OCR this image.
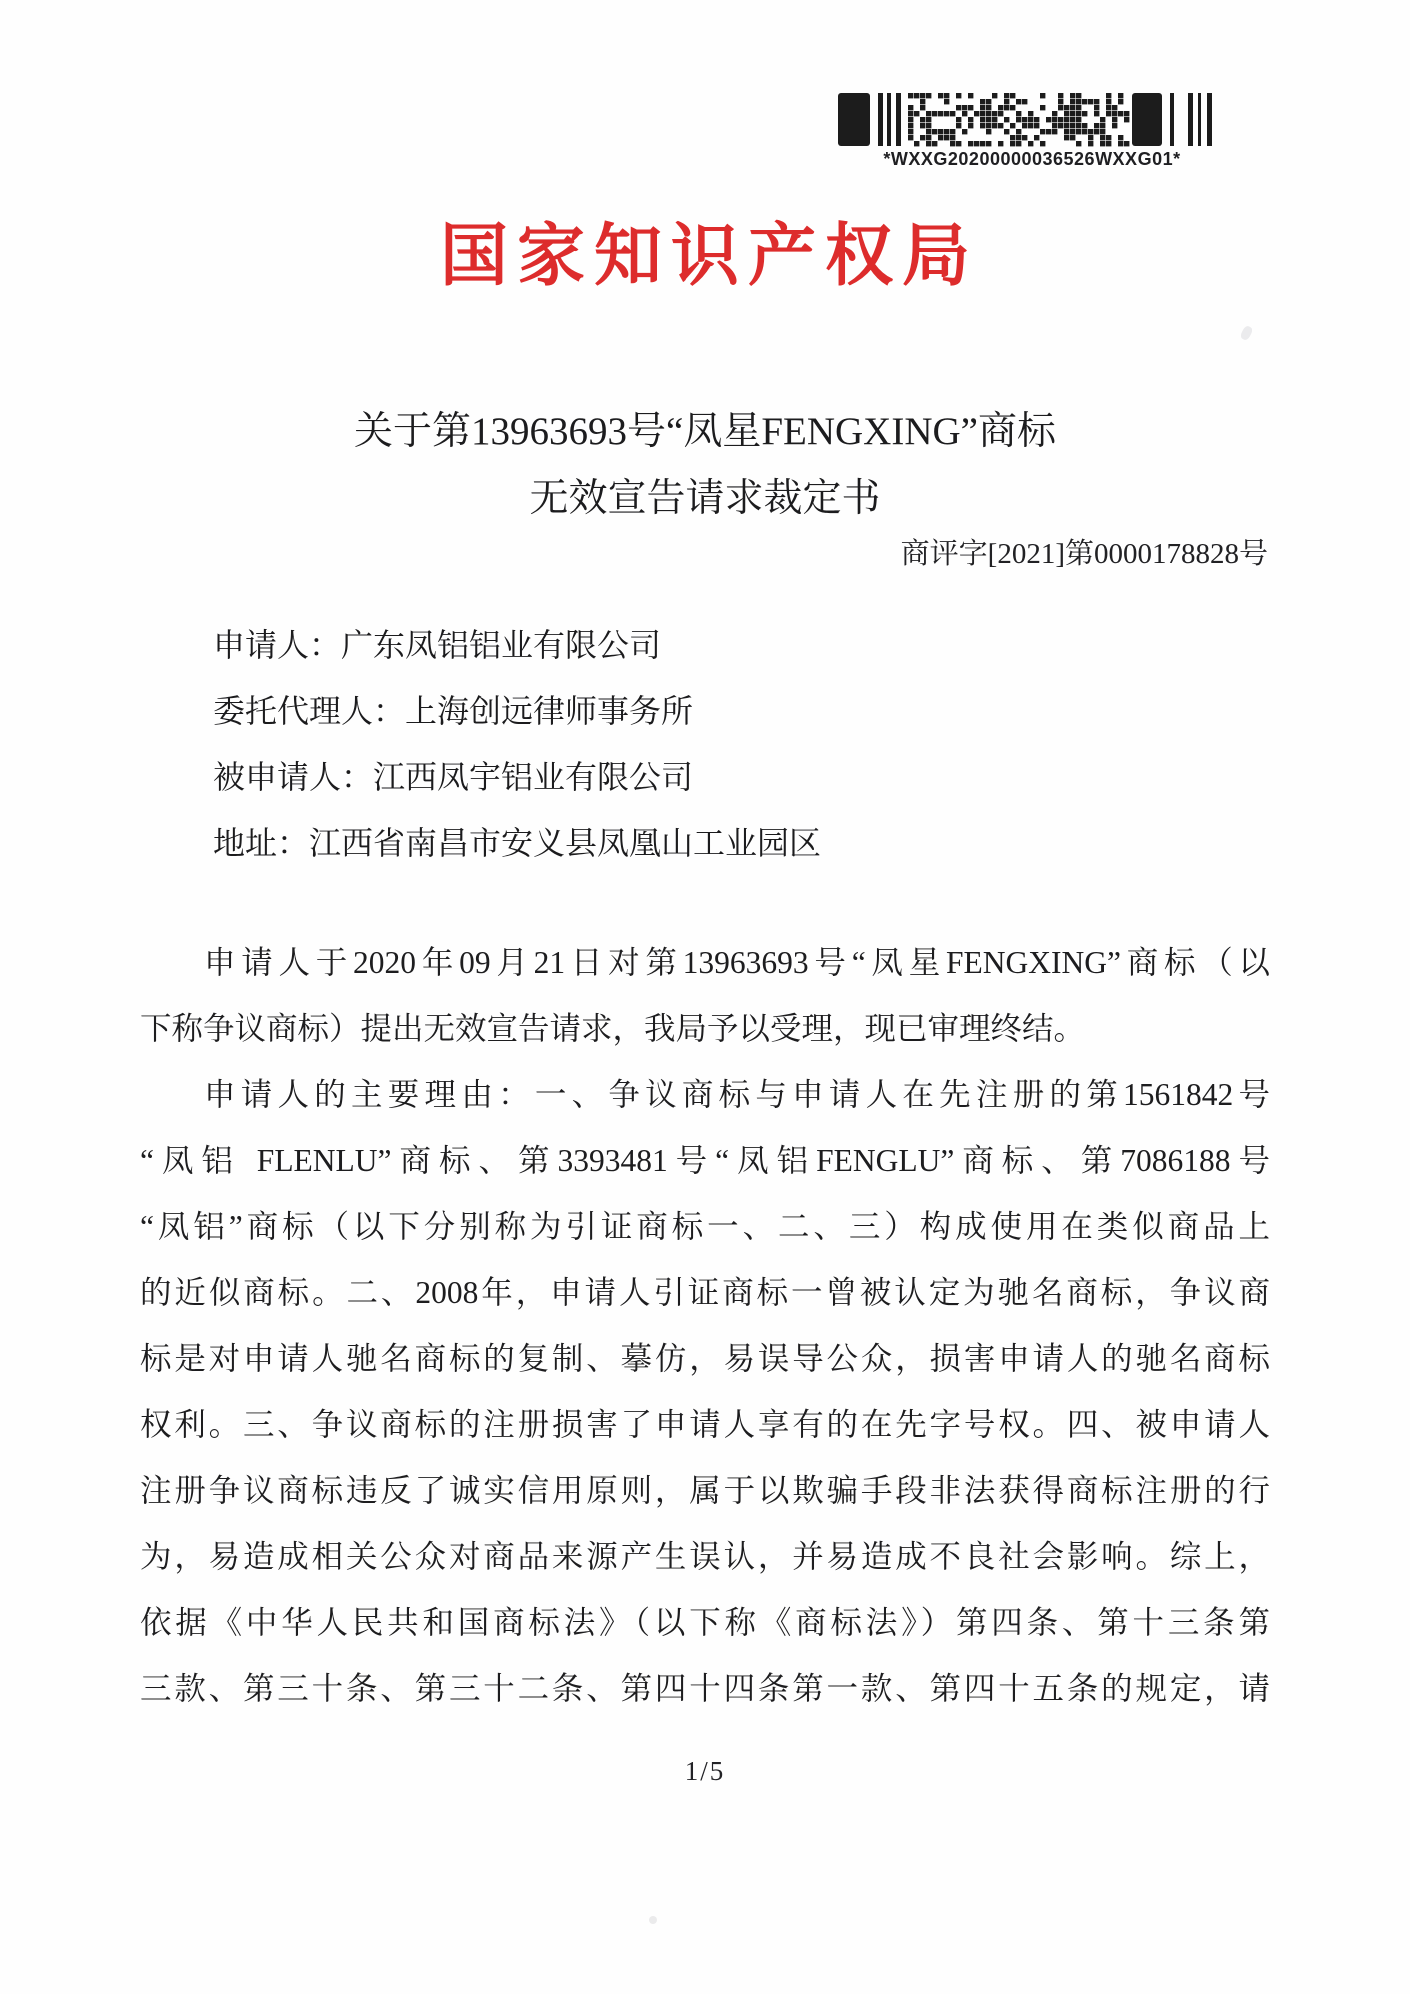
*WXXG20200000036526WXXG01*
国家知识产权局
关于第13963693号“凤星FENGXING”商标
无效宣告请求裁定书
商评字[2021]第0000178828号
申请人：广东凤铝铝业有限公司
委托代理人：上海创远律师事务所
被申请人：江西凤宇铝业有限公司
地址：江西省南昌市安义县凤凰山工业园区
申请人于2020年09月21日对第13963693号“凤星FENGXING”商标（以
下称争议商标）提出无效宣告请求，我局予以受理，现已审理终结。
申请人的主要理由：一、争议商标与申请人在先注册的第1561842号
“凤铝 FLENLU”商标、第3393481号“凤铝FENGLU”商标、第7086188号
“凤铝”商标（以下分别称为引证商标一、二、三）构成使用在类似商品上
的近似商标。二、2008年，申请人引证商标一曾被认定为驰名商标，争议商
标是对申请人驰名商标的复制、摹仿，易误导公众，损害申请人的驰名商标
权利。三、争议商标的注册损害了申请人享有的在先字号权。四、被申请人
注册争议商标违反了诚实信用原则，属于以欺骗手段非法获得商标注册的行
为，易造成相关公众对商品来源产生误认，并易造成不良社会影响。综上，
依据《中华人民共和国商标法》（以下称《商标法》）第四条、第十三条第
三款、第三十条、第三十二条、第四十四条第一款、第四十五条的规定，请
1/5
